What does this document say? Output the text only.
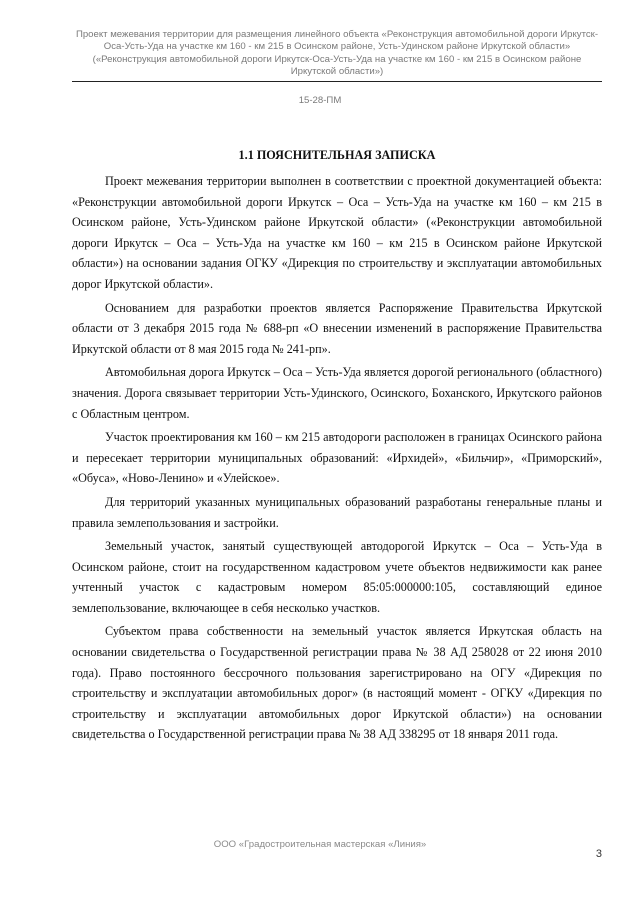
Проект межевания территории для размещения линейного объекта «Реконструкция автомобильной дороги Иркутск-Оса-Усть-Уда на участке км 160 - км 215 в Осинском районе, Усть-Удинском районе Иркутской области» («Реконструкция автомобильной дороги Иркутск-Оса-Усть-Уда на участке км 160 - км 215 в Осинском районе Иркутской области»)
15-28-ПМ
1.1 ПОЯСНИТЕЛЬНАЯ ЗАПИСКА

Проект межевания территории выполнен в соответствии с проектной документацией объекта: «Реконструкции автомобильной дороги Иркутск – Оса – Усть-Уда на участке км 160 – км 215 в Осинском районе, Усть-Удинском районе Иркутской области» («Реконструкции автомобильной дороги Иркутск – Оса – Усть-Уда на участке км 160 – км 215 в Осинском районе Иркутской области») на основании задания ОГКУ «Дирекция по строительству и эксплуатации автомобильных дорог Иркутской области».

Основанием для разработки проектов является Распоряжение Правительства Иркутской области от 3 декабря 2015 года № 688-рп «О внесении изменений в распоряжение Правительства Иркутской области от 8 мая 2015 года № 241-рп».

Автомобильная дорога Иркутск – Оса – Усть-Уда является дорогой регионального (областного) значения. Дорога связывает территории Усть-Удинского, Осинского, Боханского, Иркутского районов с Областным центром.

Участок проектирования км 160 – км 215 автодороги расположен в границах Осинского района и пересекает территории муниципальных образований: «Ирхидей», «Бильчир», «Приморский», «Обуса», «Ново-Ленино» и «Улейское».

Для территорий указанных муниципальных образований разработаны генеральные планы и правила землепользования и застройки.

Земельный участок, занятый существующей автодорогой Иркутск – Оса – Усть-Уда в Осинском районе, стоит на государственном кадастровом учете объектов недвижимости как ранее учтенный участок с кадастровым номером 85:05:000000:105, составляющий единое землепользование, включающее в себя несколько участков.

Субъектом права собственности на земельный участок является Иркутская область на основании свидетельства о Государственной регистрации права № 38 АД 258028 от 22 июня 2010 года). Право постоянного бессрочного пользования зарегистрировано на ОГУ «Дирекция по строительству и эксплуатации автомобильных дорог» (в настоящий момент - ОГКУ «Дирекция по строительству и эксплуатации автомобильных дорог Иркутской области») на основании свидетельства о Государственной регистрации права № 38 АД 338295 от 18 января 2011 года.

ООО «Градостроительная мастерская «Линия»
3
